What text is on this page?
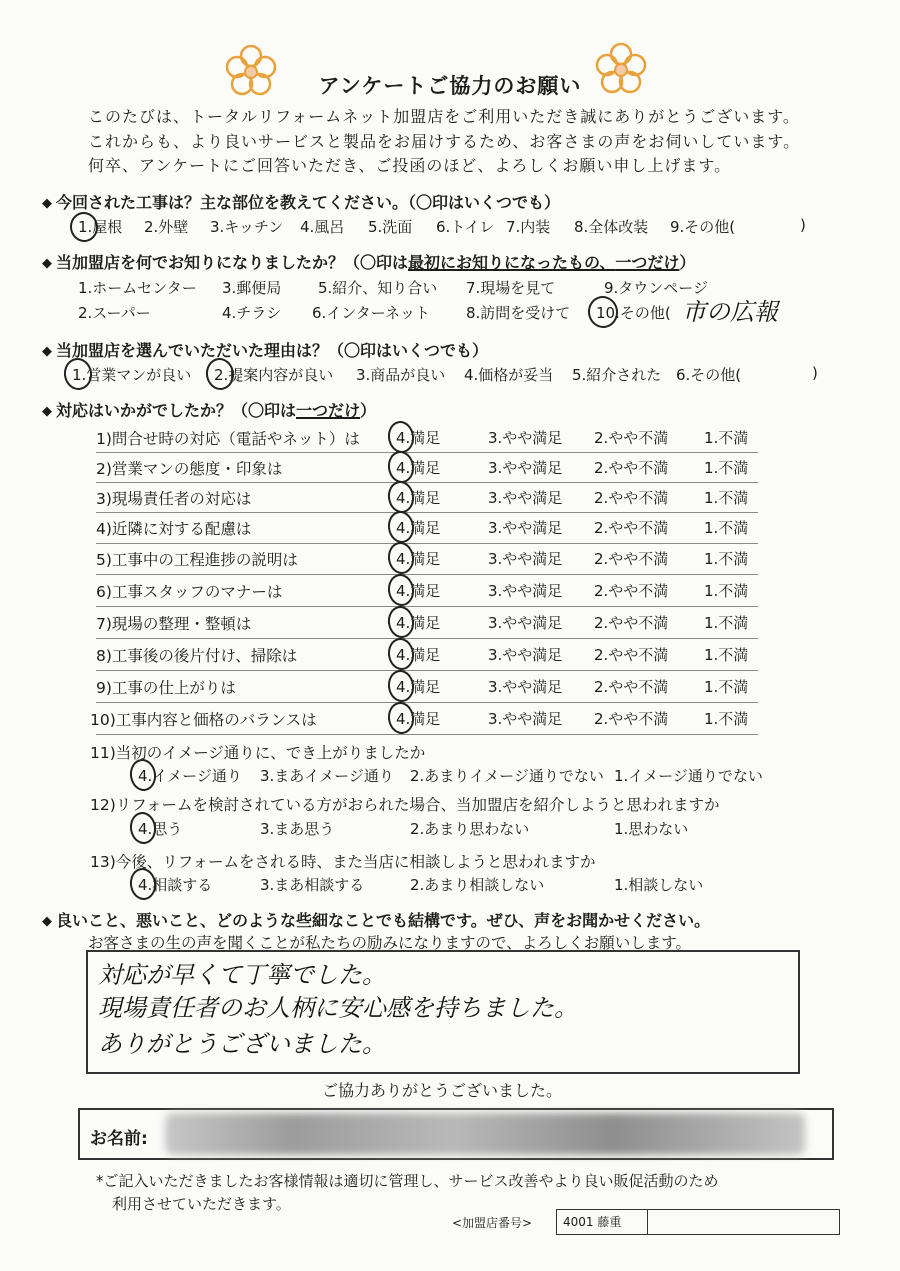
アンケートご協力のお願い
このたびは、トータルリフォームネット加盟店をご利用いただき誠にありがとうございます。
これからも、より良いサービスと製品をお届けするため、お客さまの声をお伺いしています。
何卒、アンケートにご回答いただき、ご投函のほど、よろしくお願い申し上げます。
◆ 今回された工事は？主な部位を教えてください。（〇印はいくつでも）
1.屋根 2.外壁 3.キッチン 4.風呂 5.洗面 6.トイレ 7.内装 8.全体改装 9.その他(	)
◆ 当加盟店を何でお知りになりましたか？（〇印は最初にお知りになったもの、一つだけ）
1.ホームセンター 3.郵便局 5.紹介、知り合い 7.現場を見て	9.タウンページ
2.スーパー	4.チラシ 6.インターネット 8.訪問を受けて 10.その他( 市の広報
◆ 当加盟店を選んでいただいた理由は？（〇印はいくつでも）
1.営業マンが良い 2.提案内容が良い 3.商品が良い 4.価格が妥当 5.紹介された 6.その他(	)
◆ 対応はいかがでしたか？（〇印は一つだけ）
1)問合せ時の対応（電話やネット）は 4.満足	3.やや満足 2.やや不満 1.不満
2)営業マンの態度・印象は	4.満足	3.やや満足 2.やや不満 1.不満
3)現場責任者の対応は	4.満足	3.やや満足 2.やや不満 1.不満
4)近隣に対する配慮は	4.満足	3.やや満足 2.やや不満 1.不満
5)工事中の工程進捗の説明は	4.満足	3.やや満足 2.やや不満 1.不満
6)工事スタッフのマナーは	4.満足	3.やや満足 2.やや不満 1.不満
7)現場の整理・整頓は	4.満足	3.やや満足 2.やや不満 1.不満
8)工事後の後片付け、掃除は	4.満足	3.やや満足 2.やや不満 1.不満
9)工事の仕上がりは	4.満足	3.やや満足 2.やや不満 1.不満
10)工事内容と価格のバランスは	4.満足	3.やや満足 2.やや不満 1.不満
11)当初のイメージ通りに、でき上がりましたか
4.イメージ通り 3.まあイメージ通り 2.あまりイメージ通りでない 1.イメージ通りでない
12)リフォームを検討されている方がおられた場合、当加盟店を紹介しようと思われますか
4.思う	3.まあ思う	2.あまり思わない	1.思わない
13)今後、リフォームをされる時、また当店に相談しようと思われますか
4.相談する	3.まあ相談する	2.あまり相談しない	1.相談しない
◆ 良いこと、悪いこと、どのような些細なことでも結構です。ぜひ、声をお聞かせください。
お客さまの生の声を聞くことが私たちの励みになりますので、よろしくお願いします。
対応が早くて丁寧でした。
現場責任者のお人柄に安心感を持ちました。
ありがとうございました。
ご協力ありがとうございました。
お名前:
*ご記入いただきましたお客様情報は適切に管理し、サービス改善やより良い販促活動のため
利用させていただきます。
<加盟店番号>	4001 藤重
